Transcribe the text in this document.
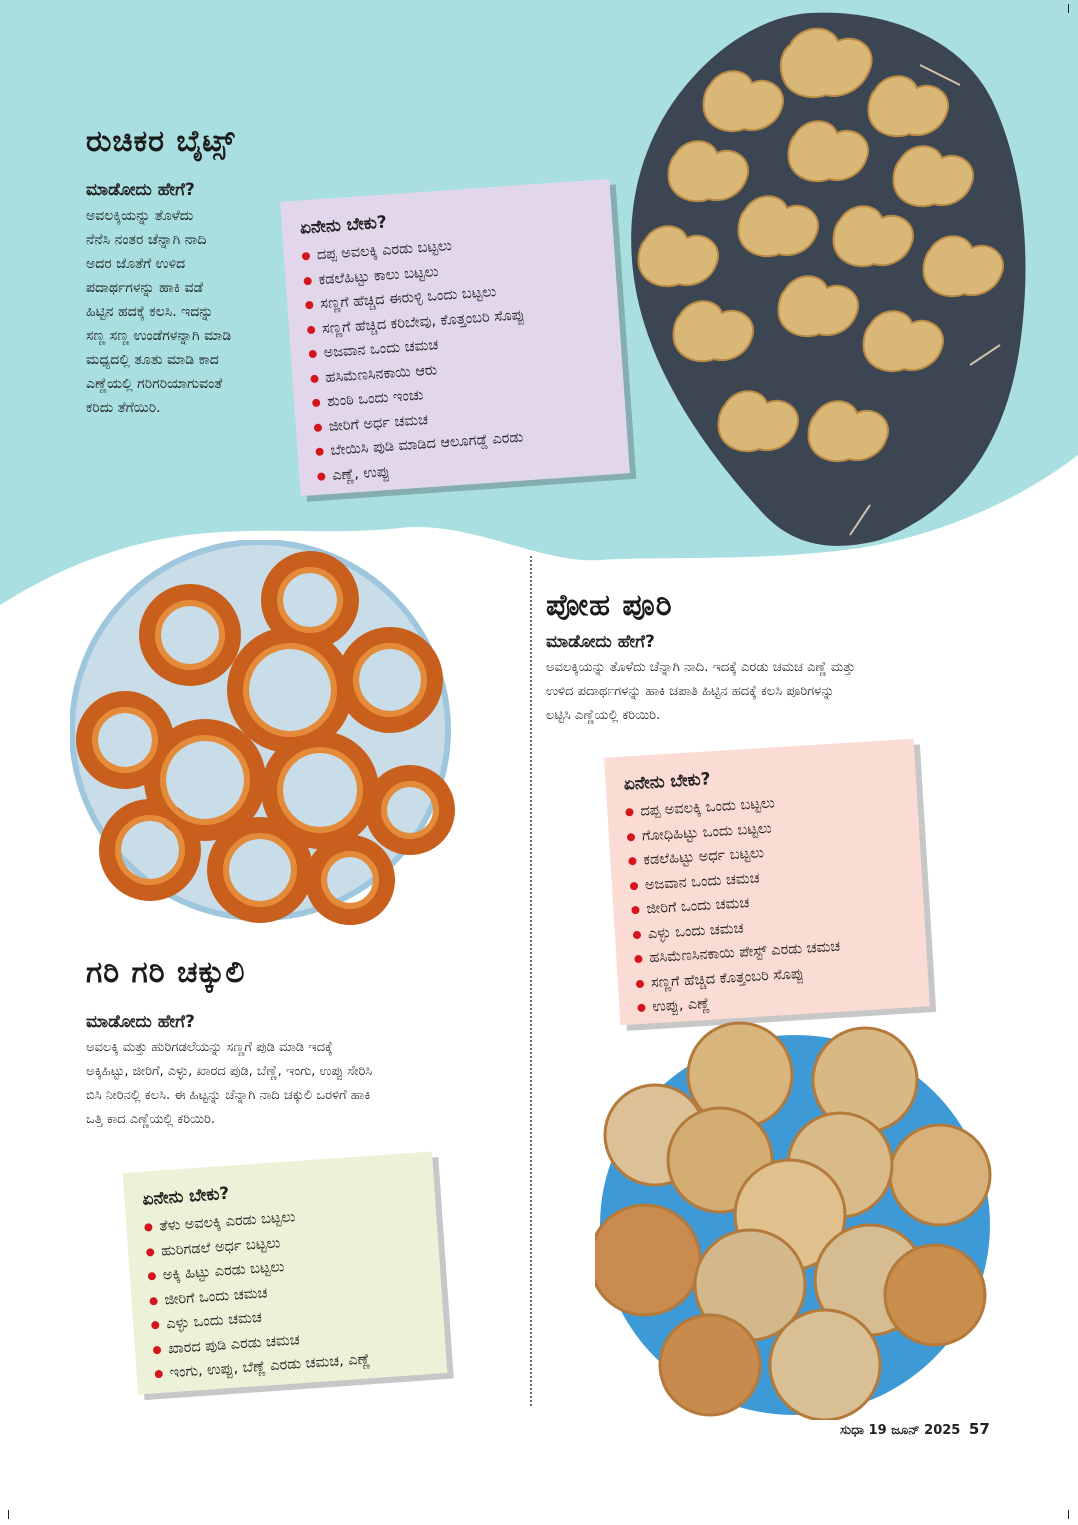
ರುಚಿಕರ ಬೈಟ್ಸ್
ಮಾಡೋದು ಹೇಗೆ?
ಅವಲಕ್ಕಿಯನ್ನು ತೊಳೆದು
ನೆನೆಸಿ ನಂತರ ಚೆನ್ನಾಗಿ ನಾದಿ
ಅದರ ಜೊತೆಗೆ ಉಳಿದ
ಪದಾರ್ಥಗಳನ್ನು ಹಾಕಿ ವಡೆ
ಹಿಟ್ಟಿನ ಹದಕ್ಕೆ ಕಲಸಿ. ಇದನ್ನು
ಸಣ್ಣ ಸಣ್ಣ ಉಂಡೆಗಳನ್ನಾಗಿ ಮಾಡಿ
ಮಧ್ಯದಲ್ಲಿ ತೂತು ಮಾಡಿ ಕಾದ
ಎಣ್ಣೆಯಲ್ಲಿ ಗರಿಗರಿಯಾಗುವಂತೆ
ಕರಿದು ತೆಗೆಯಿರಿ.
ಏನೇನು ಬೇಕು?
ದಪ್ಪ ಅವಲಕ್ಕಿ ಎರಡು ಬಟ್ಟಲು
ಕಡಲೆಹಿಟ್ಟು ಕಾಲು ಬಟ್ಟಲು
ಸಣ್ಣಗೆ ಹೆಚ್ಚಿದ ಈರುಳ್ಳಿ ಒಂದು ಬಟ್ಟಲು
ಸಣ್ಣಗೆ ಹೆಚ್ಚಿದ ಕರಿಬೇವು, ಕೊತ್ತಂಬರಿ ಸೊಪ್ಪು
ಅಜವಾನ ಒಂದು ಚಮಚ
ಹಸಿಮೆಣಸಿನಕಾಯಿ ಆರು
ಶುಂಠಿ ಒಂದು ಇಂಚು
ಜೀರಿಗೆ ಅರ್ಧ ಚಮಚ
ಬೇಯಿಸಿ ಪುಡಿ ಮಾಡಿದ ಆಲೂಗಡ್ಡೆ ಎರಡು
ಎಣ್ಣೆ, ಉಪ್ಪು
ಪೋಹ ಪೂರಿ
ಮಾಡೋದು ಹೇಗೆ?
ಅವಲಕ್ಕಿಯನ್ನು ತೊಳೆದು ಚೆನ್ನಾಗಿ ನಾದಿ. ಇದಕ್ಕೆ ಎರಡು ಚಮಚ ಎಣ್ಣೆ ಮತ್ತು
ಉಳಿದ ಪದಾರ್ಥಗಳನ್ನು ಹಾಕಿ ಚಪಾತಿ ಹಿಟ್ಟಿನ ಹದಕ್ಕೆ ಕಲಸಿ ಪೂರಿಗಳನ್ನು
ಲಟ್ಟಿಸಿ ಎಣ್ಣೆಯಲ್ಲಿ ಕರಿಯಿರಿ.
ಏನೇನು ಬೇಕು?
ದಪ್ಪ ಅವಲಕ್ಕಿ ಒಂದು ಬಟ್ಟಲು
ಗೋಧಿಹಿಟ್ಟು ಒಂದು ಬಟ್ಟಲು
ಕಡಲೆಹಿಟ್ಟು ಅರ್ಧ ಬಟ್ಟಲು
ಅಜವಾನ ಒಂದು ಚಮಚ
ಜೀರಿಗೆ ಒಂದು ಚಮಚ
ಎಳ್ಳು ಒಂದು ಚಮಚ
ಹಸಿಮೆಣಸಿನಕಾಯಿ ಪೇಸ್ಟ್ ಎರಡು ಚಮಚ
ಸಣ್ಣಗೆ ಹೆಚ್ಚಿದ ಕೊತ್ತಂಬರಿ ಸೊಪ್ಪು
ಉಪ್ಪು, ಎಣ್ಣೆ
ಗರಿ ಗರಿ ಚಕ್ಕುಲಿ
ಮಾಡೋದು ಹೇಗೆ?
ಅವಲಕ್ಕಿ ಮತ್ತು ಹುರಿಗಡಲೆಯನ್ನು ಸಣ್ಣಗೆ ಪುಡಿ ಮಾಡಿ ಇದಕ್ಕೆ
ಅಕ್ಕಿಹಿಟ್ಟು, ಜೀರಿಗೆ, ಎಳ್ಳು, ಖಾರದ ಪುಡಿ, ಬೆಣ್ಣೆ, ಇಂಗು, ಉಪ್ಪು ಸೇರಿಸಿ
ಬಿಸಿ ನೀರಿನಲ್ಲಿ ಕಲಸಿ. ಈ ಹಿಟ್ಟನ್ನು ಚೆನ್ನಾಗಿ ನಾದಿ ಚಕ್ಕುಲಿ ಒರಳಿಗೆ ಹಾಕಿ
ಒತ್ತಿ ಕಾದ ಎಣ್ಣೆಯಲ್ಲಿ ಕರಿಯಿರಿ.
ಏನೇನು ಬೇಕು?
ತೆಳು ಅವಲಕ್ಕಿ ಎರಡು ಬಟ್ಟಲು
ಹುರಿಗಡಲೆ ಅರ್ಧ ಬಟ್ಟಲು
ಅಕ್ಕಿ ಹಿಟ್ಟು ಎರಡು ಬಟ್ಟಲು
ಜೀರಿಗೆ ಒಂದು ಚಮಚ
ಎಳ್ಳು ಒಂದು ಚಮಚ
ಖಾರದ ಪುಡಿ ಎರಡು ಚಮಚ
ಇಂಗು, ಉಪ್ಪು, ಬೆಣ್ಣೆ ಎರಡು ಚಮಚ, ಎಣ್ಣೆ
ಸುಧಾ 19 ಜೂನ್ 2025 57
